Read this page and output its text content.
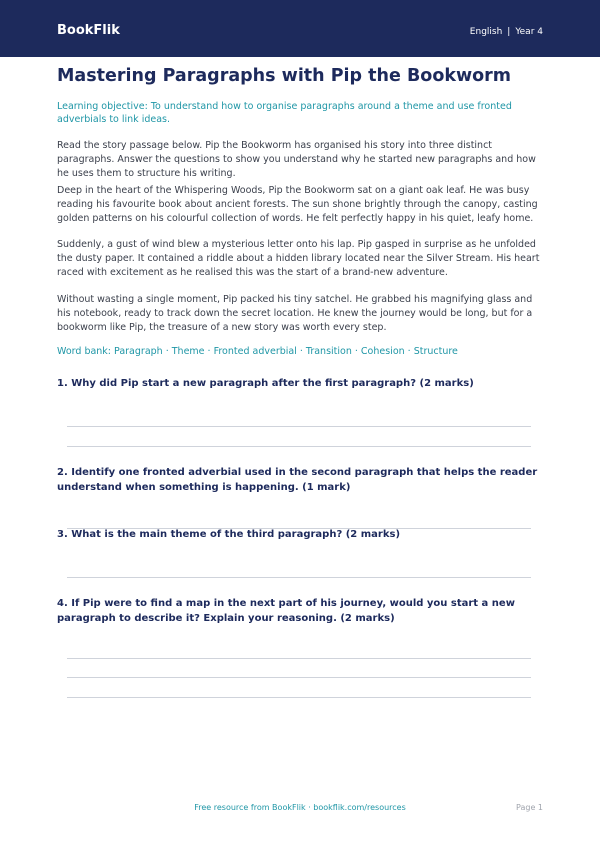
BookFlik	English | Year 4
Mastering Paragraphs with Pip the Bookworm

Learning objective: To understand how to organise paragraphs around a theme and use fronted adverbials to link ideas.

Read the story passage below. Pip the Bookworm has organised his story into three distinct paragraphs. Answer the questions to show you understand why he started new paragraphs and how he uses them to structure his writing.

Deep in the heart of the Whispering Woods, Pip the Bookworm sat on a giant oak leaf. He was busy reading his favourite book about ancient forests. The sun shone brightly through the canopy, casting golden patterns on his colourful collection of words. He felt perfectly happy in his quiet, leafy home.

Suddenly, a gust of wind blew a mysterious letter onto his lap. Pip gasped in surprise as he unfolded the dusty paper. It contained a riddle about a hidden library located near the Silver Stream. His heart raced with excitement as he realised this was the start of a brand-new adventure.

Without wasting a single moment, Pip packed his tiny satchel. He grabbed his magnifying glass and his notebook, ready to track down the secret location. He knew the journey would be long, but for a bookworm like Pip, the treasure of a new story was worth every step.

Word bank: Paragraph · Theme · Fronted adverbial · Transition · Cohesion · Structure

1. Why did Pip start a new paragraph after the first paragraph? (2 marks)

2. Identify one fronted adverbial used in the second paragraph that helps the reader understand when something is happening. (1 mark)

3. What is the main theme of the third paragraph? (2 marks)

4. If Pip were to find a map in the next part of his journey, would you start a new paragraph to describe it? Explain your reasoning. (2 marks)

Free resource from BookFlik · bookflik.com/resources	Page 1
